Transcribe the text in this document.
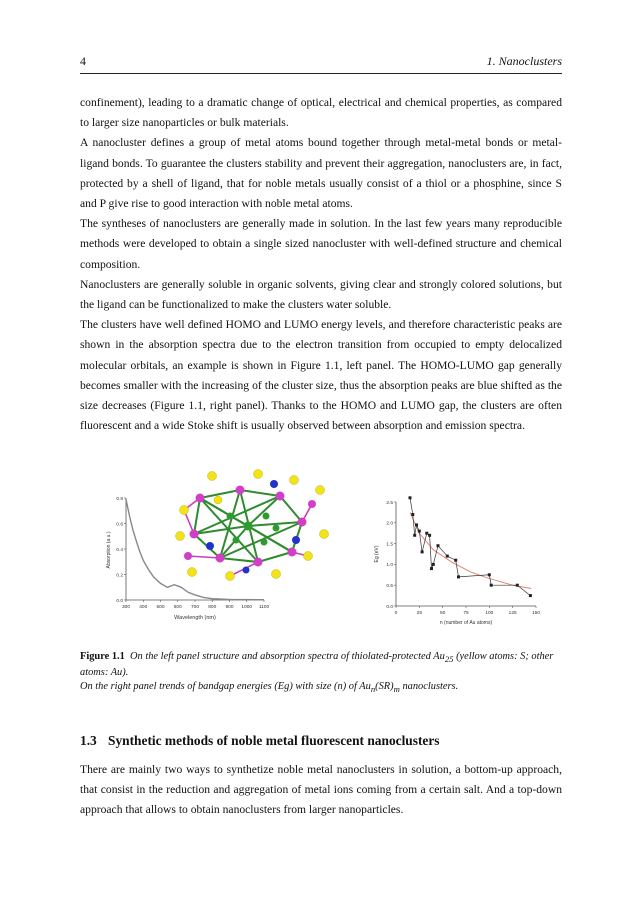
4	1. Nanoclusters

confinement), leading to a dramatic change of optical, electrical and chemical properties, as compared to larger size nanoparticles or bulk materials.

A nanocluster defines a group of metal atoms bound together through metal-metal bonds or metal-ligand bonds. To guarantee the clusters stability and prevent their aggregation, nanoclusters are, in fact, protected by a shell of ligand, that for noble metals usually consist of a thiol or a phosphine, since S and P give rise to good interaction with noble metal atoms.

The syntheses of nanoclusters are generally made in solution. In the last few years many reproducible methods were developed to obtain a single sized nanocluster with well-defined structure and chemical composition.

Nanoclusters are generally soluble in organic solvents, giving clear and strongly colored solutions, but the ligand can be functionalized to make the clusters water soluble.

The clusters have well defined HOMO and LUMO energy levels, and therefore characteristic peaks are shown in the absorption spectra due to the electron transition from occupied to empty delocalized molecular orbitals, an example is shown in Figure 1.1, left panel. The HOMO-LUMO gap generally becomes smaller with the increasing of the cluster size, thus the absorption peaks are blue shifted as the size decreases (Figure 1.1, right panel). Thanks to the HOMO and LUMO gap, the clusters are often fluorescent and a wide Stoke shift is usually observed between absorption and emission spectra.

0.0
0.2
0.4
0.6
0.8
300 400 500 600 700 800 900 1000 1100
Wavelength (nm)
Absorption (a.u.)
0.0
0.5
1.0
1.5
2.0
2.5
0	25	50	75	100	125	150
n (number of Au atoms)
Eg (eV)
Figure 1.1 On the left panel structure and absorption spectra of thiolated-protected $Au_{25}$ (yellow atoms: S; other atoms: Au).
On the right panel trends of bandgap energies (Eg) with size (n) of $Au_n(SR)_m$ nanoclusters.
1.3 Synthetic methods of noble metal fluorescent nanoclusters

There are mainly two ways to synthetize noble metal nanoclusters in solution, a bottom-up approach, that consist in the reduction and aggregation of metal ions coming from a certain salt. And a top-down approach that allows to obtain nanoclusters from larger nanoparticles.
